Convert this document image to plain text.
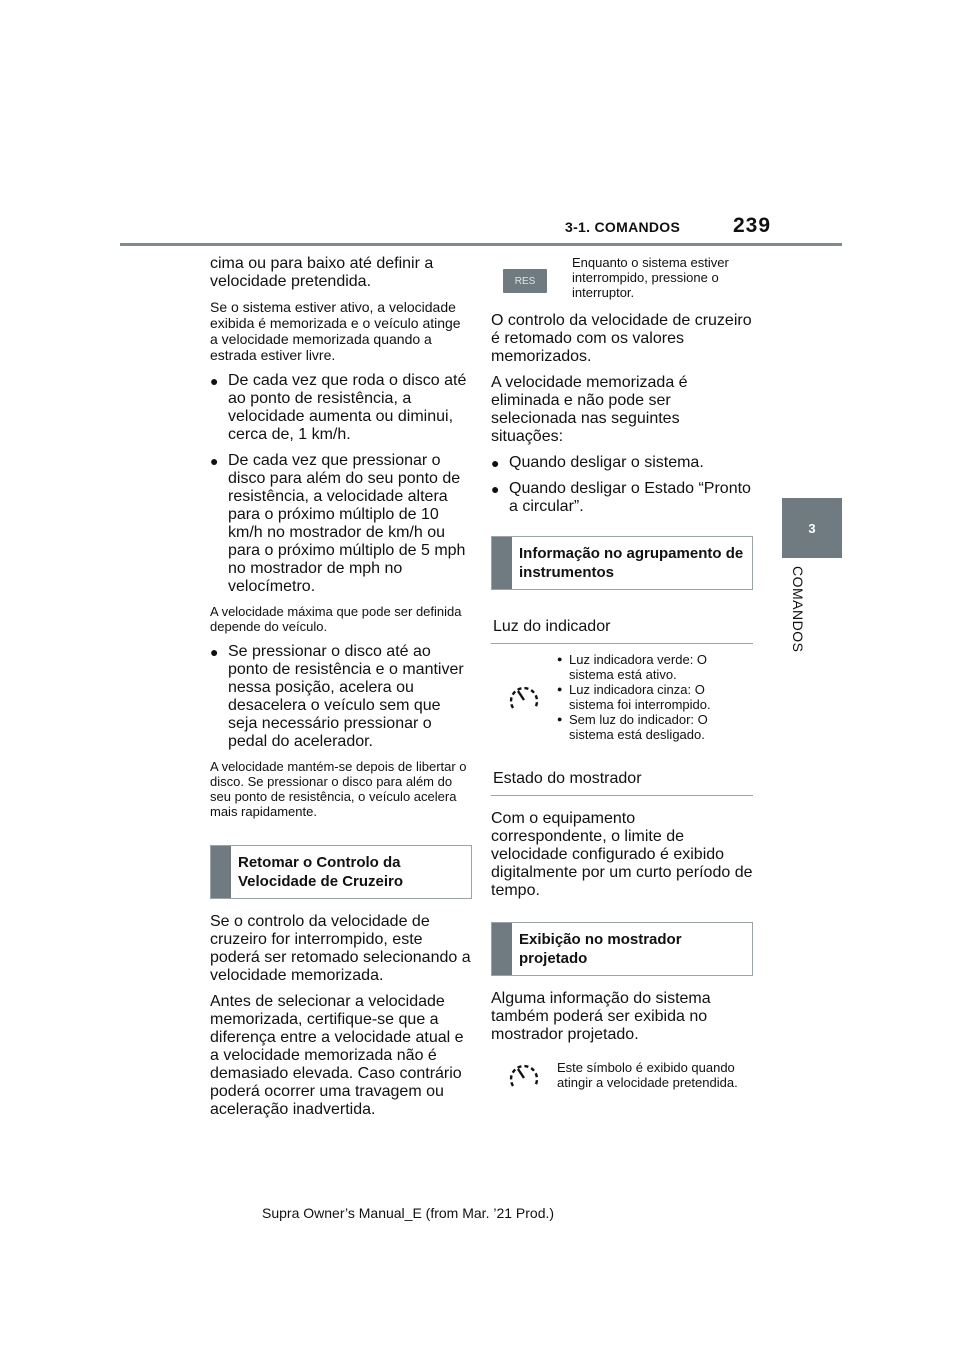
3-1. COMANDOS	239
3
COMANDOS

cima ou para baixo até definir a velocidade pretendida.

Se o sistema estiver ativo, a velocidade exibida é memorizada e o veículo atinge a velocidade memorizada quando a estrada estiver livre.

● De cada vez que roda o disco até ao ponto de resistência, a velocidade aumenta ou diminui, cerca de, 1 km/h.
● De cada vez que pressionar o disco para além do seu ponto de resistência, a velocidade altera para o próximo múltiplo de 10 km/h no mostrador de km/h ou para o próximo múltiplo de 5 mph no mostrador de mph no velocímetro.

A velocidade máxima que pode ser definida depende do veículo.

● Se pressionar o disco até ao ponto de resistência e o mantiver nessa posição, acelera ou desacelera o veículo sem que seja necessário pressionar o pedal do acelerador.

A velocidade mantém-se depois de libertar o disco. Se pressionar o disco para além do seu ponto de resistência, o veículo acelera mais rapidamente.

Retomar o Controlo da Velocidade de Cruzeiro

Se o controlo da velocidade de cruzeiro for interrompido, este poderá ser retomado selecionando a velocidade memorizada.

Antes de selecionar a velocidade memorizada, certifique-se que a diferença entre a velocidade atual e a velocidade memorizada não é demasiado elevada. Caso contrário poderá ocorrer uma travagem ou aceleração inadvertida.

RES
Enquanto o sistema estiver interrompido, pressione o interruptor.

O controlo da velocidade de cruzeiro é retomado com os valores memorizados.

A velocidade memorizada é eliminada e não pode ser selecionada nas seguintes situações:

● Quando desligar o sistema.
● Quando desligar o Estado “Pronto a circular”.
Informação no agrupamento de instrumentos
Luz do indicador
● Luz indicadora verde: O sistema está ativo.
● Luz indicadora cinza: O sistema foi interrompido.
● Sem luz do indicador: O sistema está desligado.
Estado do mostrador

Com o equipamento correspondente, o limite de velocidade configurado é exibido digitalmente por um curto período de tempo.

Exibição no mostrador projetado

Alguma informação do sistema também poderá ser exibida no mostrador projetado.

Este símbolo é exibido quando atingir a velocidade pretendida.
Supra Owner’s Manual_E (from Mar. ’21 Prod.)
